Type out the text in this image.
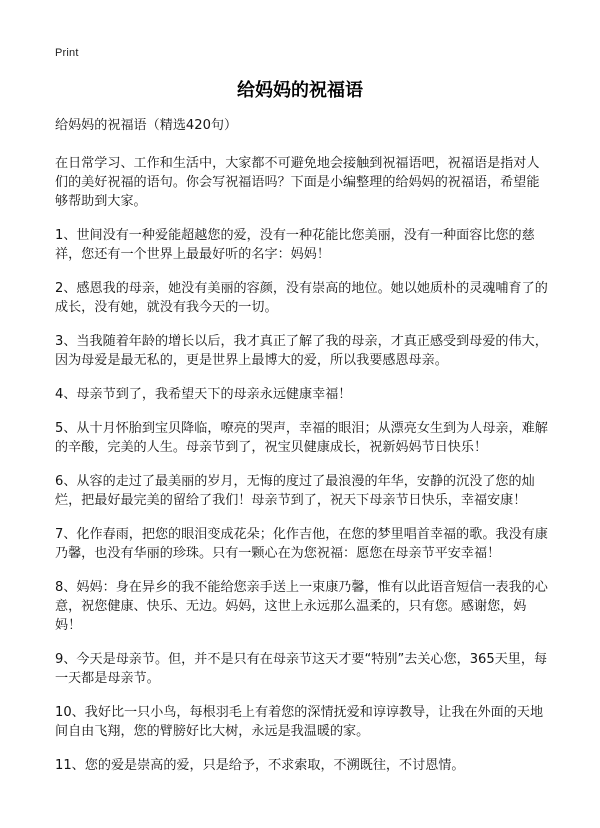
Print
给妈妈的祝福语

给妈妈的祝福语（精选420句）

在日常学习、工作和生活中，大家都不可避免地会接触到祝福语吧，祝福语是指对人们的美好祝福的语句。你会写祝福语吗？下面是小编整理的给妈妈的祝福语，希望能够帮助到大家。

1、世间没有一种爱能超越您的爱，没有一种花能比您美丽，没有一种面容比您的慈祥，您还有一个世界上最最好听的名字：妈妈！

2、感恩我的母亲，她没有美丽的容颜，没有崇高的地位。她以她质朴的灵魂哺育了的成长，没有她，就没有我今天的一切。

3、当我随着年龄的增长以后，我才真正了解了我的母亲，才真正感受到母爱的伟大，因为母爱是最无私的，更是世界上最博大的爱，所以我要感恩母亲。

4、母亲节到了，我希望天下的母亲永远健康幸福！

5、从十月怀胎到宝贝降临，嘹亮的哭声，幸福的眼泪；从漂亮女生到为人母亲，难解的辛酸，完美的人生。母亲节到了，祝宝贝健康成长，祝新妈妈节日快乐！

6、从容的走过了最美丽的岁月，无悔的度过了最浪漫的年华，安静的沉没了您的灿烂，把最好最完美的留给了我们！母亲节到了，祝天下母亲节日快乐，幸福安康！

7、化作春雨，把您的眼泪变成花朵；化作吉他，在您的梦里唱首幸福的歌。我没有康乃馨，也没有华丽的珍珠。只有一颗心在为您祝福：愿您在母亲节平安幸福！

8、妈妈：身在异乡的我不能给您亲手送上一束康乃馨，惟有以此语音短信一表我的心意，祝您健康、快乐、无边。妈妈，这世上永远那么温柔的，只有您。感谢您，妈妈！

9、今天是母亲节。但，并不是只有在母亲节这天才要“特别”去关心您，365天里，每一天都是母亲节。

10、我好比一只小鸟，每根羽毛上有着您的深情抚爱和谆谆教导，让我在外面的天地间自由飞翔，您的臂膀好比大树，永远是我温暖的家。

11、您的爱是崇高的爱，只是给予，不求索取，不溯既往，不讨恩情。
